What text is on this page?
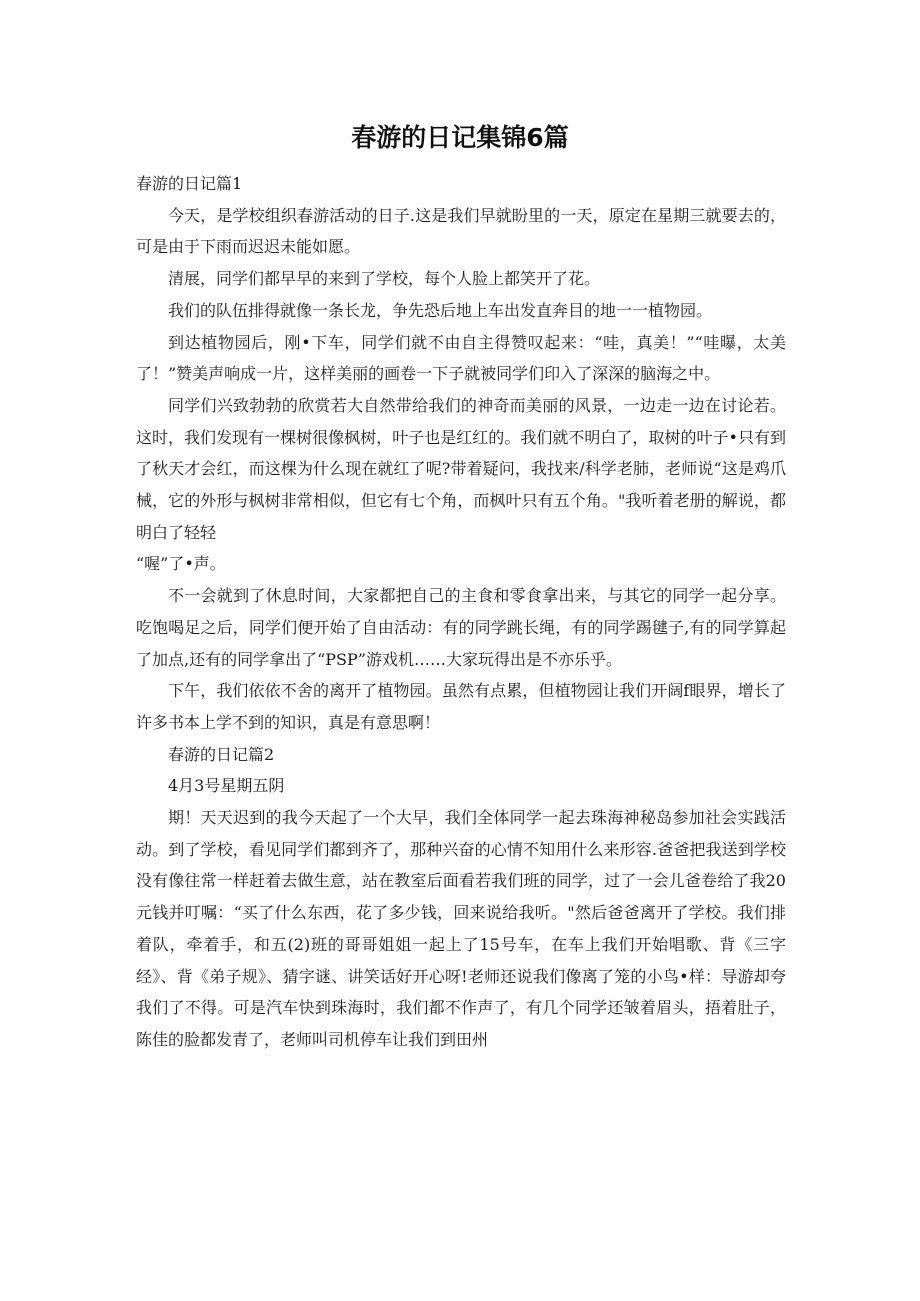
春游的日记集锦6篇

春游的日记篇1

今天，是学校组织春游活动的日子.这是我们早就盼里的一天，原定在星期三就要去的，可是由于下雨而迟迟未能如愿。

清展，同学们都早早的来到了学校，每个人脸上都笑开了花。

我们的队伍排得就像一条长龙，争先恐后地上车出发直奔目的地一一植物园。

到达植物园后，刚•下车，同学们就不由自主得赞叹起来：“哇，真美！”“哇曝，太美了！”赞美声响成一片，这样美丽的画卷一下子就被同学们印入了深深的脑海之中。

同学们兴致勃勃的欣赏若大自然带给我们的神奇而美丽的风景，一边走一边在讨论若。这时，我们发现有一棵树很像枫树，叶子也是红红的。我们就不明白了，取树的叶子•只有到了秋天才会红，而这棵为什么现在就红了呢?带着疑问，我找来/科学老肺，老师说“这是鸡爪械，它的外形与枫树非常相似，但它有七个角，而枫叶只有五个角。"我听着老册的解说，都明白了轻轻

“喔”了•声。

不一会就到了休息时间，大家都把自己的主食和零食拿出来，与其它的同学一起分享。吃饱喝足之后，同学们便开始了自由活动：有的同学跳长绳，有的同学踢毽子,有的同学算起了加点,还有的同学拿出了“PSP”游戏机……大家玩得出是不亦乐乎。

下午，我们依依不舍的离开了植物园。虽然有点累，但植物园让我们开阔f眼界，增长了许多书本上学不到的知识，真是有意思啊！

春游的日记篇2

4月3号星期五阴

期！天天迟到的我今天起了一个大早，我们全体同学一起去珠海神秘岛参加社会实践活动。到了学校，看见同学们都到齐了，那种兴奋的心情不知用什么来形容.爸爸把我送到学校没有像往常一样赶着去做生意，站在教室后面看若我们班的同学，过了一会儿爸卷给了我20元钱并叮嘱：“买了什么东西，花了多少钱，回来说给我听。"然后爸爸离开了学校。我们排着队，牵着手，和五(2)班的哥哥姐姐一起上了15号车，在车上我们开始唱歌、背《三字经》、背《弟子规》、猜字谜、讲笑话好开心呀!老师还说我们像离了笼的小鸟•样：导游却夸我们了不得。可是汽车快到珠海时，我们都不作声了，有几个同学还皱着眉头，捂着肚子，陈佳的脸都发青了，老师叫司机停车让我们到田州
